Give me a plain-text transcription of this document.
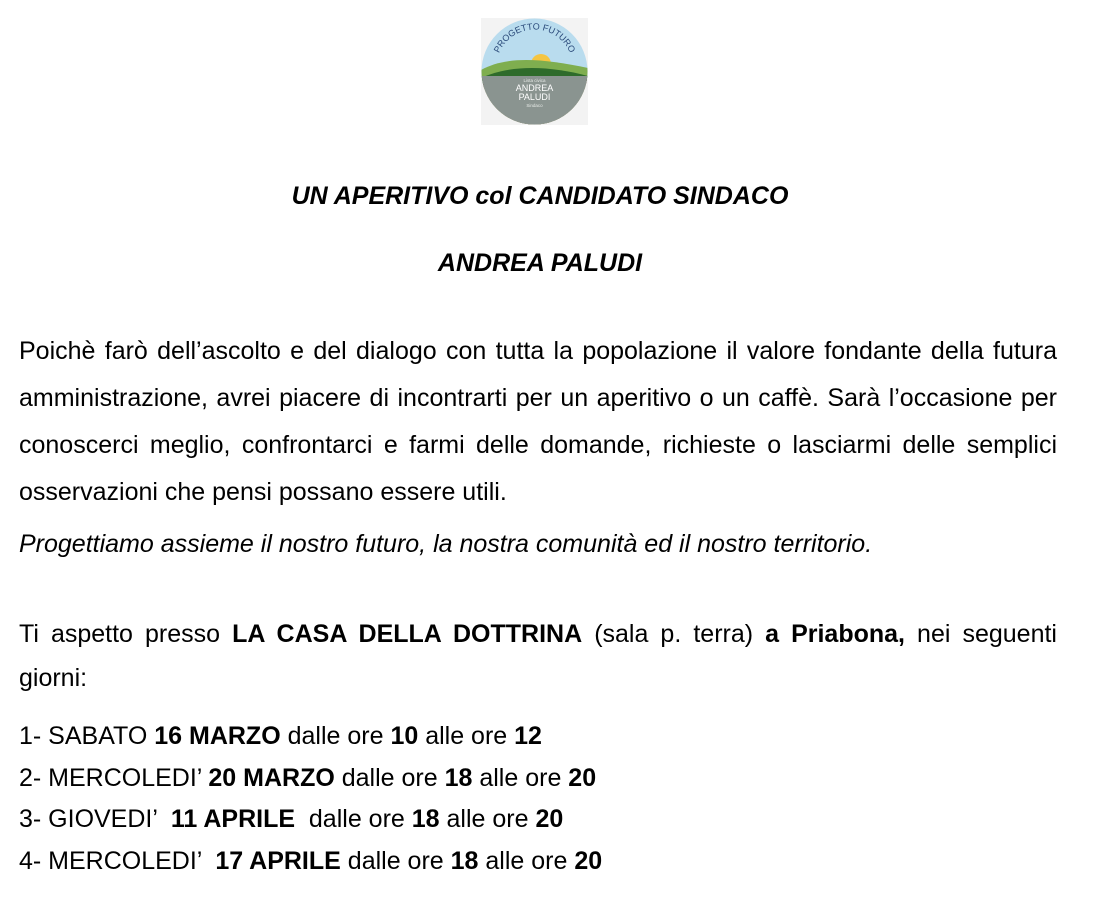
PROGETTO FUTURO
Lista civica
ANDREA
PALUDI
Sindaco
UN APERITIVO col CANDIDATO SINDACO
ANDREA PALUDI

Poichè farò dell’ascolto e del dialogo con tutta la popolazione il valore fondante della futura amministrazione, avrei piacere di incontrarti per un aperitivo o un caffè. Sarà l’occasione per conoscerci meglio, confrontarci e farmi delle domande, richieste o lasciarmi delle semplici osservazioni che pensi possano essere utili.

Progettiamo assieme il nostro futuro, la nostra comunità ed il nostro territorio.

Ti aspetto presso LA CASA DELLA DOTTRINA (sala p. terra) a Priabona, nei seguenti giorni:

1- SABATO 16 MARZO dalle ore 10 alle ore 12
2- MERCOLEDI’ 20 MARZO dalle ore 18 alle ore 20
3- GIOVEDI’  11 APRILE  dalle ore 18 alle ore 20
4- MERCOLEDI’  17 APRILE dalle ore 18 alle ore 20
